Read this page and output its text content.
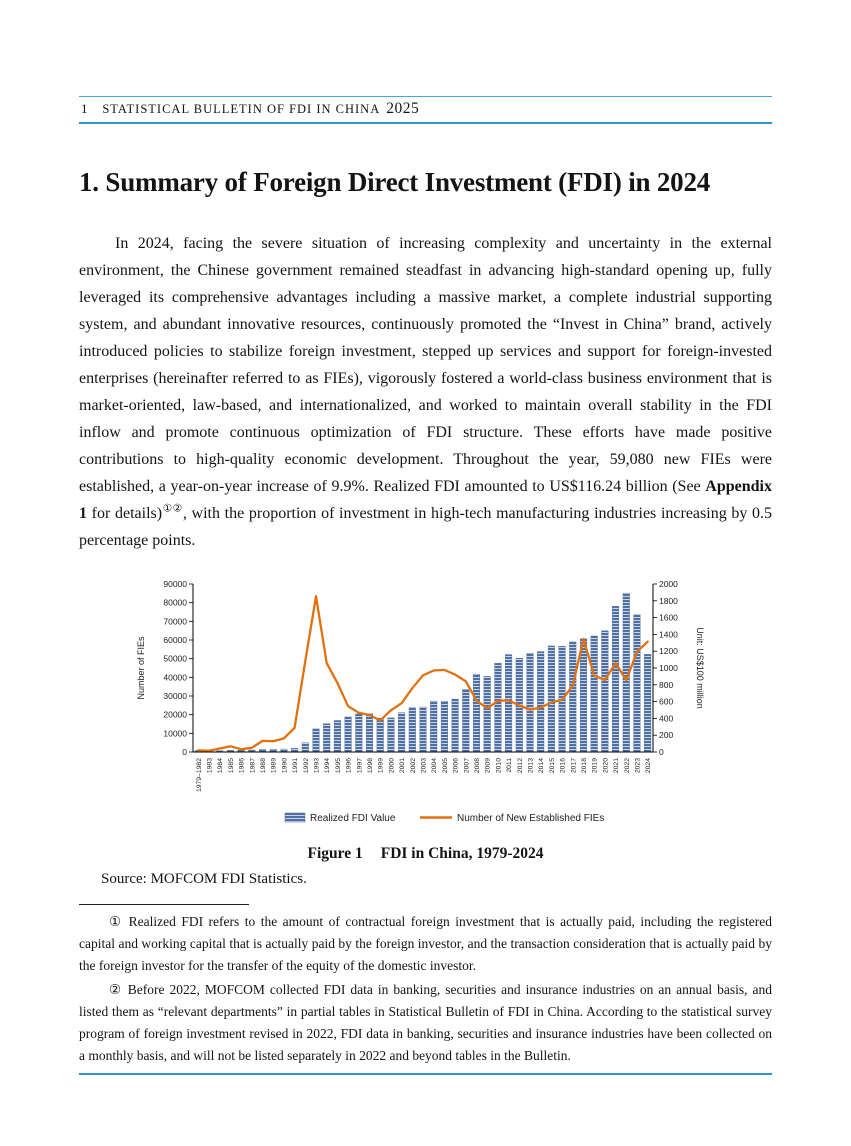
1 STATISTICAL BULLETIN OF FDI IN CHINA 2025
1. Summary of Foreign Direct Investment (FDI) in 2024

In 2024, facing the severe situation of increasing complexity and uncertainty in the external environment, the Chinese government remained steadfast in advancing high-standard opening up, fully leveraged its comprehensive advantages including a massive market, a complete industrial supporting system, and abundant innovative resources, continuously promoted the “Invest in China” brand, actively introduced policies to stabilize foreign investment, stepped up services and support for foreign-invested enterprises (hereinafter referred to as FIEs), vigorously fostered a world-class business environment that is market-oriented, law-based, and internationalized, and worked to maintain overall stability in the FDI inflow and promote continuous optimization of FDI structure. These efforts have made positive contributions to high-quality economic development. Throughout the year, 59,080 new FIEs were established, a year-on-year increase of 9.9%. Realized FDI amounted to US$116.24 billion (See Appendix 1 for details)①②, with the proportion of investment in high-tech manufacturing industries increasing by 0.5 percentage points.

0
10000
20000
30000
40000
50000
60000
70000
80000
90000
0
200
400
600
800
1000
1200
1400
1600
1800
2000
1979–1982 1983 1984 1985 1986 1987 1988 1989 1990 1991 1992 1993 1994 1995 1996 1997 1998 1999 2000 2001 2002 2003 2004 2005 2006 2007 2008 2009 2010 2011 2012 2013 2014 2015 2016 2017 2018 2019 2020 2021 2022 2023 2024
Number of FIEs	Unit: US$100 million
Realized FDI Value	Number of New Established FIEs
Figure 1 FDI in China, 1979-2024

Source: MOFCOM FDI Statistics.

① Realized FDI refers to the amount of contractual foreign investment that is actually paid, including the registered capital and working capital that is actually paid by the foreign investor, and the transaction consideration that is actually paid by the foreign investor for the transfer of the equity of the domestic investor.

② Before 2022, MOFCOM collected FDI data in banking, securities and insurance industries on an annual basis, and listed them as “relevant departments” in partial tables in Statistical Bulletin of FDI in China. According to the statistical survey program of foreign investment revised in 2022, FDI data in banking, securities and insurance industries have been collected on a monthly basis, and will not be listed separately in 2022 and beyond tables in the Bulletin.
